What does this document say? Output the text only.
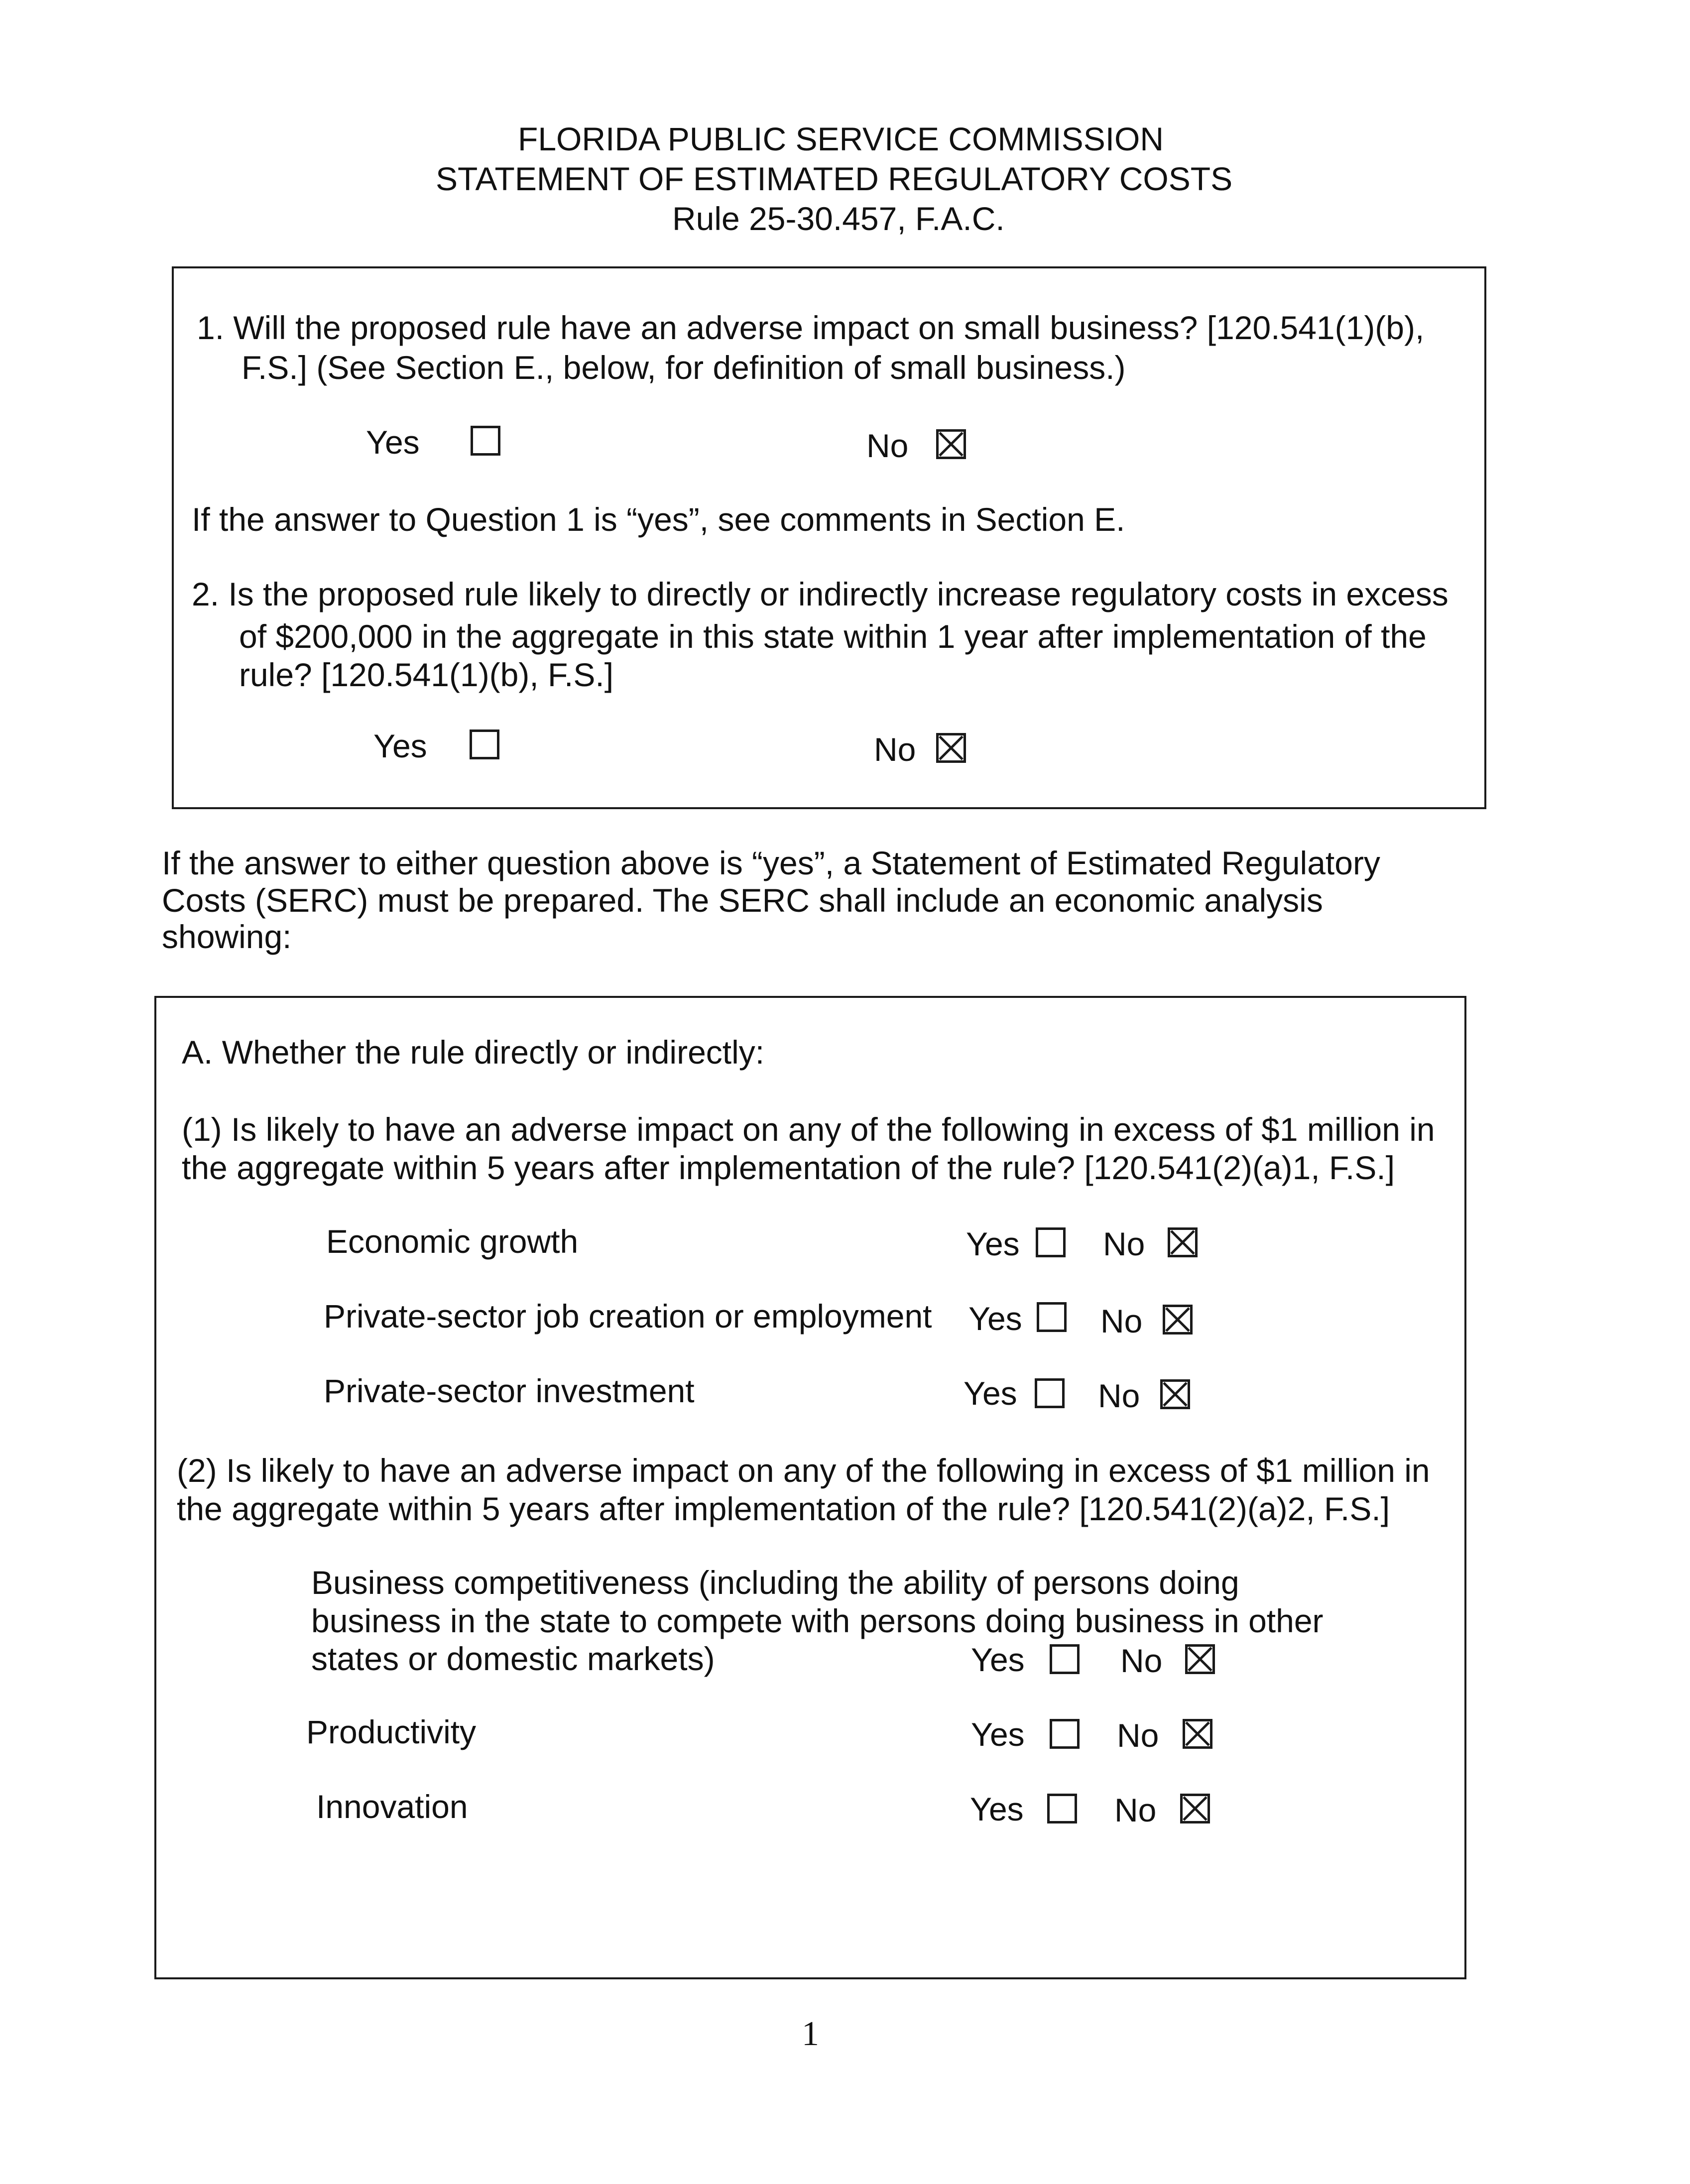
FLORIDA PUBLIC SERVICE COMMISSION
STATEMENT OF ESTIMATED REGULATORY COSTS
Rule 25-30.457, F.A.C.
1. Will the proposed rule have an adverse impact on small business? [120.541(1)(b),
F.S.] (See Section E., below, for definition of small business.)
Yes	No
If the answer to Question 1 is “yes”, see comments in Section E.
2. Is the proposed rule likely to directly or indirectly increase regulatory costs in excess
of $200,000 in the aggregate in this state within 1 year after implementation of the
rule? [120.541(1)(b), F.S.]
Yes	No
If the answer to either question above is “yes”, a Statement of Estimated Regulatory
Costs (SERC) must be prepared. The SERC shall include an economic analysis
showing:
A. Whether the rule directly or indirectly:
(1) Is likely to have an adverse impact on any of the following in excess of $1 million in
the aggregate within 5 years after implementation of the rule? [120.541(2)(a)1, F.S.]
Economic growth	Yes	No
Private-sector job creation or employment Yes No
Private-sector investment	Yes No
(2) Is likely to have an adverse impact on any of the following in excess of $1 million in
the aggregate within 5 years after implementation of the rule? [120.541(2)(a)2, F.S.]
Business competitiveness (including the ability of persons doing
business in the state to compete with persons doing business in other
states or domestic markets)	Yes	No
Productivity	Yes	No
Innovation	Yes	No
1
